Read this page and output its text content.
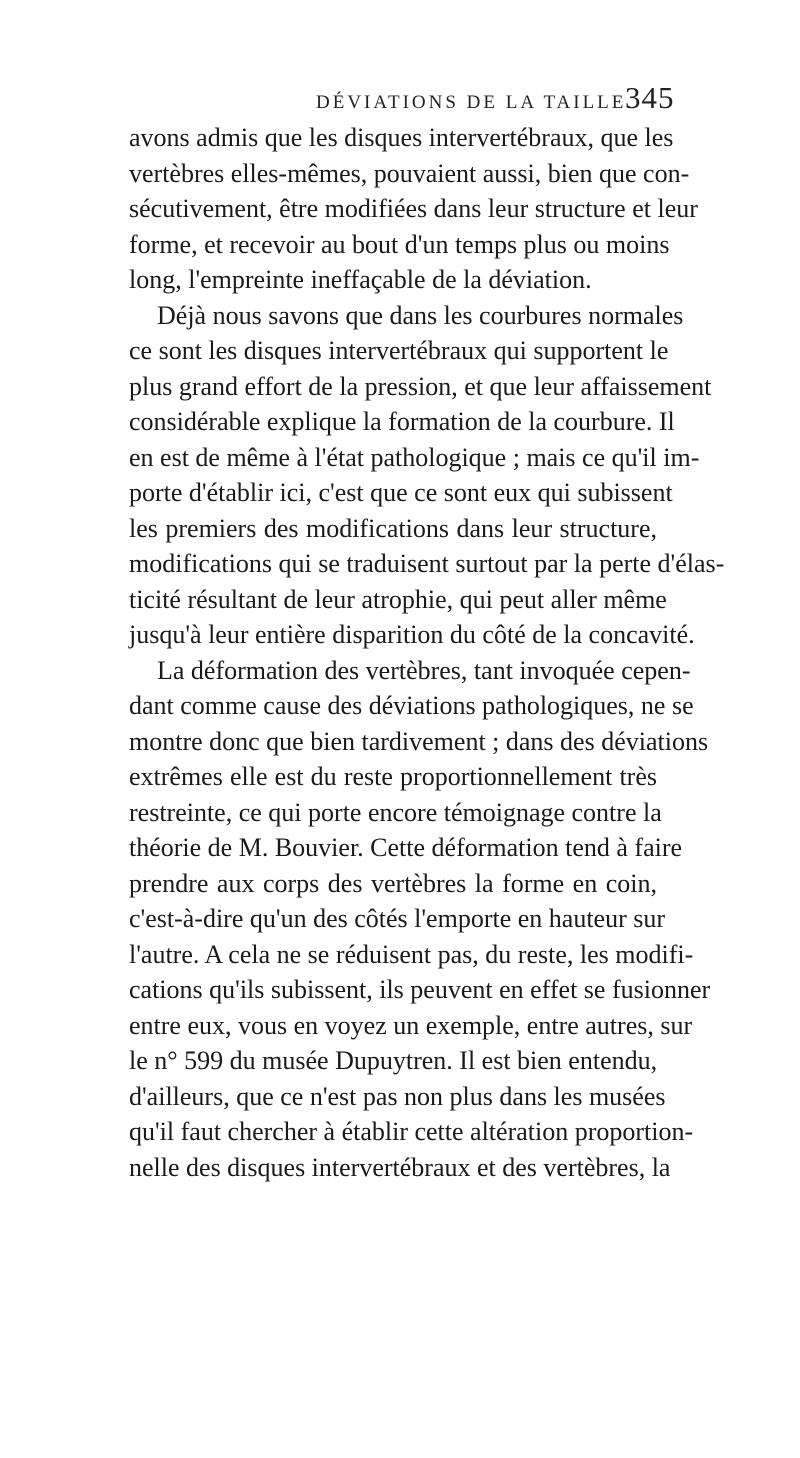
DÉVIATIONS DE LA TAILLE.
345
avons admis que les disques intervertébraux, que les
vertèbres elles-mêmes, pouvaient aussi, bien que con-
sécutivement, être modifiées dans leur structure et leur
forme, et recevoir au bout d'un temps plus ou moins
long, l'empreinte ineffaçable de la déviation.
Déjà nous savons que dans les courbures normales
ce sont les disques intervertébraux qui supportent le
plus grand effort de la pression, et que leur affaissement
considérable explique la formation de la courbure. Il
en est de même à l'état pathologique ; mais ce qu'il im-
porte d'établir ici, c'est que ce sont eux qui subissent
les premiers des modifications dans leur structure,
modifications qui se traduisent surtout par la perte d'élas-
ticité résultant de leur atrophie, qui peut aller même
jusqu'à leur entière disparition du côté de la concavité.
La déformation des vertèbres, tant invoquée cepen-
dant comme cause des déviations pathologiques, ne se
montre donc que bien tardivement ; dans des déviations
extrêmes elle est du reste proportionnellement très
restreinte, ce qui porte encore témoignage contre la
théorie de M. Bouvier. Cette déformation tend à faire
prendre aux corps des vertèbres la forme en coin,
c'est-à-dire qu'un des côtés l'emporte en hauteur sur
l'autre. A cela ne se réduisent pas, du reste, les modifi-
cations qu'ils subissent, ils peuvent en effet se fusionner
entre eux, vous en voyez un exemple, entre autres, sur
le n° 599 du musée Dupuytren. Il est bien entendu,
d'ailleurs, que ce n'est pas non plus dans les musées
qu'il faut chercher à établir cette altération proportion-
nelle des disques intervertébraux et des vertèbres, la
